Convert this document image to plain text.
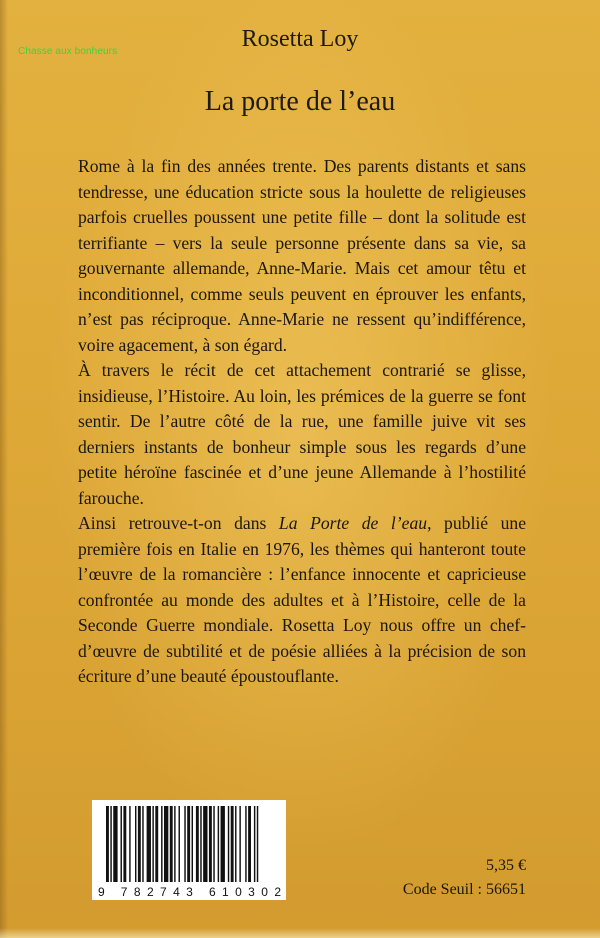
Chasse aux bonheurs	Rosetta Loy
La porte de l’eau

Rome à la fin des années trente. Des parents distants et sans tendresse, une éducation stricte sous la houlette de religieuses parfois cruelles poussent une petite fille – dont la solitude est terrifiante – vers la seule personne présente dans sa vie, sa gouvernante allemande, Anne-Marie. Mais cet amour têtu et inconditionnel, comme seuls peuvent en éprouver les enfants, n’est pas réciproque. Anne-Marie ne ressent qu’indifférence, voire agacement, à son égard.

À travers le récit de cet attachement contrarié se glisse, insidieuse, l’Histoire. Au loin, les prémices de la guerre se font sentir. De l’autre côté de la rue, une famille juive vit ses derniers instants de bonheur simple sous les regards d’une petite héroïne fascinée et d’une jeune Allemande à l’hostilité farouche.

Ainsi retrouve-t-on dans La Porte de l’eau, publié une première fois en Italie en 1976, les thèmes qui hanteront toute l’œuvre de la romancière : l’enfance innocente et capricieuse confrontée au monde des adultes et à l’Histoire, celle de la Seconde Guerre mondiale. Rosetta Loy nous offre un chef-d’œuvre de subtilité et de poésie alliées à la précision de son écriture d’une beauté époustouflante.

9 782743 610302
5,35 €
Code Seuil : 56651
